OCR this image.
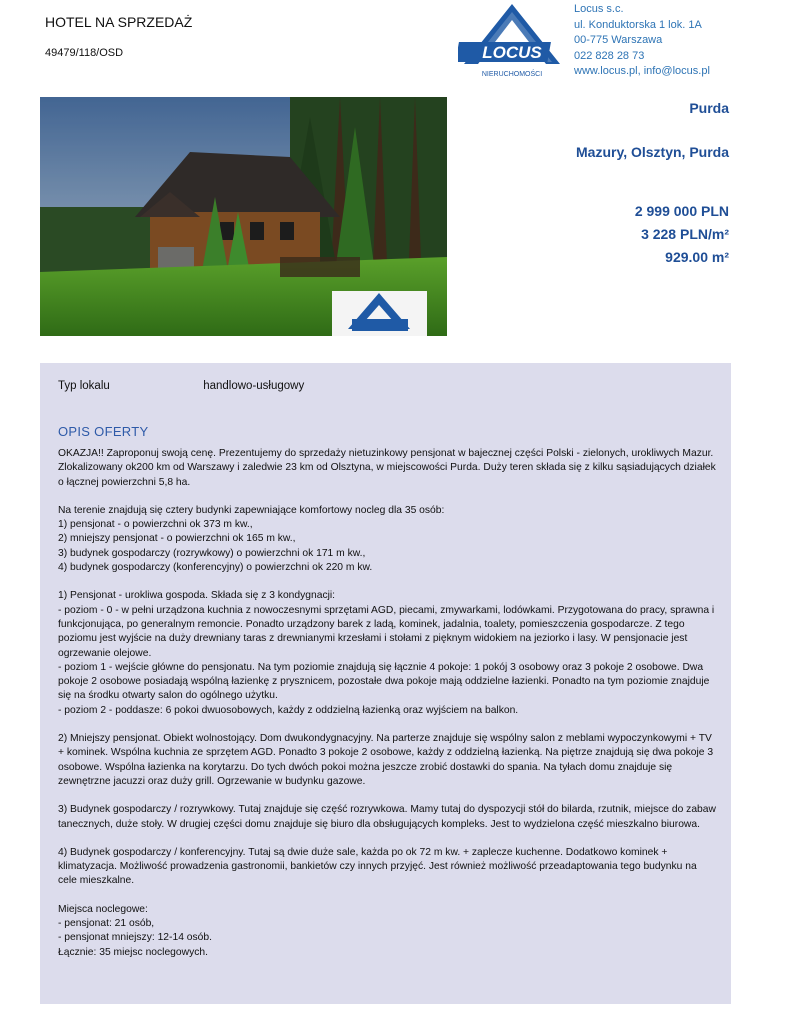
HOTEL NA SPRZEDAŻ
49479/118/OSD	LOCUS
NIERUCHOMOŚCI
Locus s.c.
ul. Konduktorska 1 lok. 1A
00-775 Warszawa
022 828 28 73
www.locus.pl, info@locus.pl
Purda
Mazury, Olsztyn, Purda
2 999 000 PLN
3 228 PLN/m²
929.00 m²
Typ lokalu	handlowo-usługowy
OPIS OFERTY

OKAZJA!! Zaproponuj swoją cenę. Prezentujemy do sprzedaży nietuzinkowy pensjonat w bajecznej części Polski - zielonych, urokliwych Mazur. Zlokalizowany ok200 km od Warszawy i zaledwie 23 km od Olsztyna, w miejscowości Purda. Duży teren składa się z kilku sąsiadujących działek o łącznej powierzchni 5,8 ha.

Na terenie znajdują się cztery budynki zapewniające komfortowy nocleg dla 35 osób:
1) pensjonat - o powierzchni ok 373 m kw.,
2) mniejszy pensjonat - o powierzchni ok 165 m kw.,
3) budynek gospodarczy (rozrywkowy) o powierzchni ok 171 m kw.,
4) budynek gospodarczy (konferencyjny) o powierzchni ok 220 m kw.

1) Pensjonat - urokliwa gospoda. Składa się z 3 kondygnacji:
- poziom - 0 - w pełni urządzona kuchnia z nowoczesnymi sprzętami AGD, piecami, zmywarkami, lodówkami. Przygotowana do pracy, sprawna i funkcjonująca, po generalnym remoncie. Ponadto urządzony barek z ladą, kominek, jadalnia, toalety, pomieszczenia gospodarcze. Z tego poziomu jest wyjście na duży drewniany taras z drewnianymi krzesłami i stołami z pięknym widokiem na jeziorko i lasy. W pensjonacie jest ogrzewanie olejowe.
- poziom 1 - wejście główne do pensjonatu. Na tym poziomie znajdują się łącznie 4 pokoje: 1 pokój 3 osobowy oraz 3 pokoje 2 osobowe. Dwa pokoje 2 osobowe posiadają wspólną łazienkę z prysznicem, pozostałe dwa pokoje mają oddzielne łazienki. Ponadto na tym poziomie znajduje się na środku otwarty salon do ogólnego użytku.
- poziom 2 - poddasze: 6 pokoi dwuosobowych, każdy z oddzielną łazienką oraz wyjściem na balkon.

2) Mniejszy pensjonat. Obiekt wolnostojący. Dom dwukondygnacyjny. Na parterze znajduje się wspólny salon z meblami wypoczynkowymi + TV + kominek. Wspólna kuchnia ze sprzętem AGD. Ponadto 3 pokoje 2 osobowe, każdy z oddzielną łazienką. Na piętrze znajdują się dwa pokoje 3 osobowe. Wspólna łazienka na korytarzu. Do tych dwóch pokoi można jeszcze zrobić dostawki do spania. Na tyłach domu znajduje się zewnętrzne jacuzzi oraz duży grill. Ogrzewanie w budynku gazowe.

3) Budynek gospodarczy / rozrywkowy. Tutaj znajduje się część rozrywkowa. Mamy tutaj do dyspozycji stół do bilarda, rzutnik, miejsce do zabaw tanecznych, duże stoły. W drugiej części domu znajduje się biuro dla obsługujących kompleks. Jest to wydzielona część mieszkalno biurowa.

4) Budynek gospodarczy / konferencyjny. Tutaj są dwie duże sale, każda po ok 72 m kw. + zaplecze kuchenne. Dodatkowo kominek + klimatyzacja. Możliwość prowadzenia gastronomii, bankietów czy innych przyjęć. Jest również możliwość przeadaptowania tego budynku na cele mieszkalne.

Miejsca noclegowe:
- pensjonat: 21 osób,
- pensjonat mniejszy: 12-14 osób.
Łącznie: 35 miejsc noclegowych.
